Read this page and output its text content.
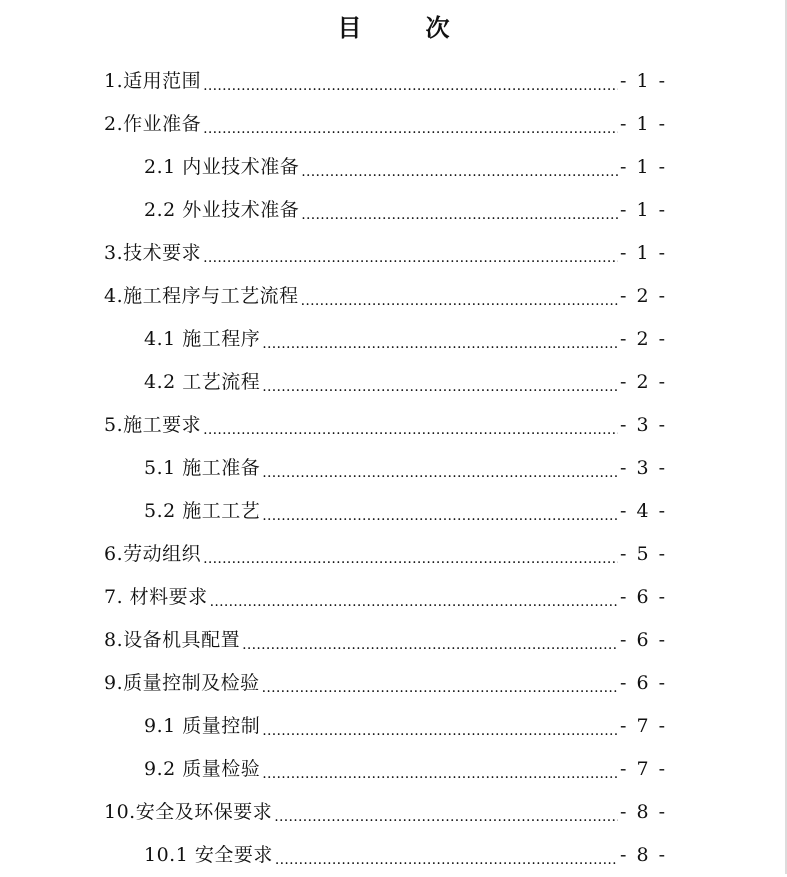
目　次
1.适用范围 .....	- 1 -
2.作业准备 .....	- 1 -
2.1 内业技术准备 .....	- 1 -
2.2 外业技术准备 .....	- 1 -
3.技术要求 .....	- 1 -
4.施工程序与工艺流程 .....	- 2 -
4.1 施工程序 .....	- 2 -
4.2 工艺流程 .....	- 2 -
5.施工要求 .....	- 3 -
5.1 施工准备 .....	- 3 -
5.2 施工工艺 .....	- 4 -
6.劳动组织 .....	- 5 -
7. 材料要求 .....	- 6 -
8.设备机具配置 .....	- 6 -
9.质量控制及检验 .....	- 6 -
9.1 质量控制 .....	- 7 -
9.2 质量检验 .....	- 7 -
10.安全及环保要求 .....	- 8 -
10.1 安全要求 .....	- 8 -
